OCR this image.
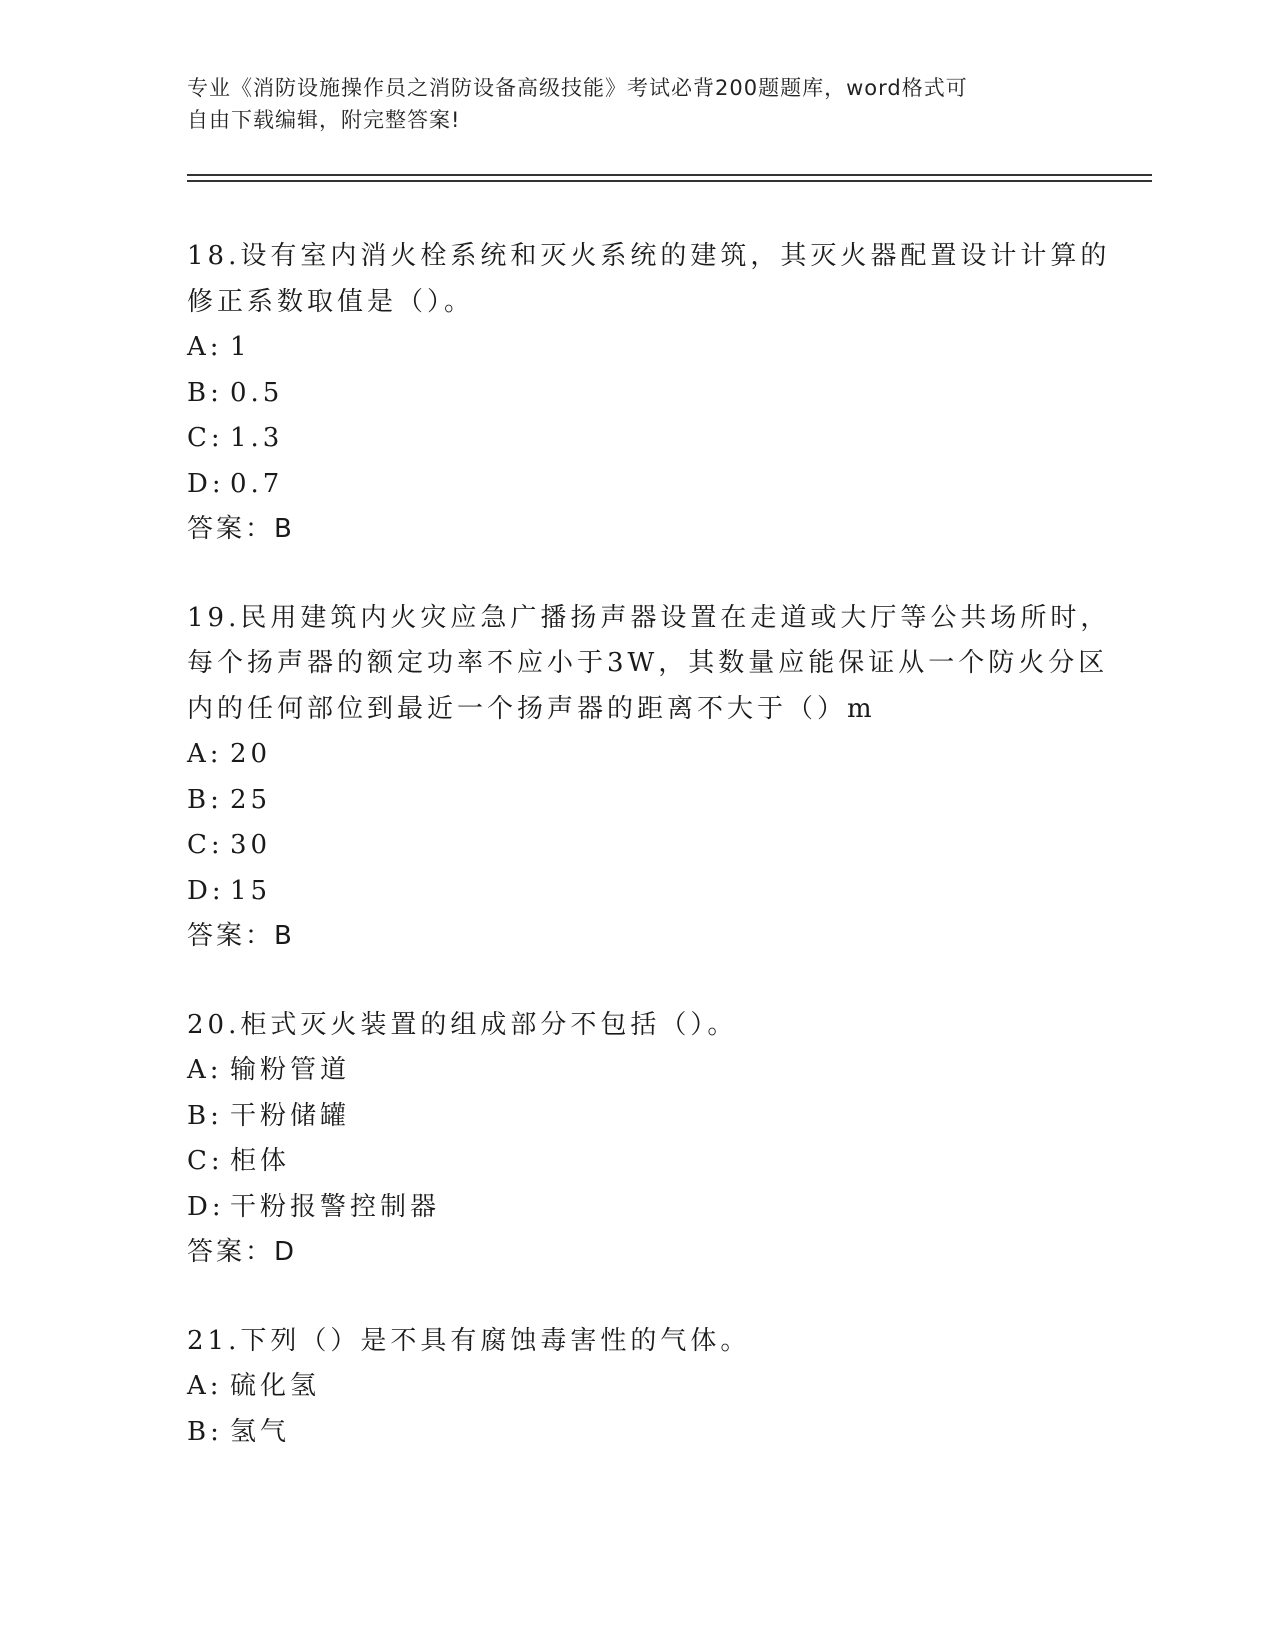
专业《消防设施操作员之消防设备高级技能》考试必背200题题库，word格式可
自由下载编辑，附完整答案!
18.设有室内消火栓系统和灭火系统的建筑，其灭火器配置设计计算的
修正系数取值是（）。
A: 1
B: 0.5
C: 1.3
D: 0.7
答案：B
19.民用建筑内火灾应急广播扬声器设置在走道或大厅等公共场所时，
每个扬声器的额定功率不应小于3W，其数量应能保证从一个防火分区
内的任何部位到最近一个扬声器的距离不大于（）m
A: 20
B: 25
C: 30
D: 15
答案：B
20.柜式灭火装置的组成部分不包括（）。
A: 输粉管道
B: 干粉储罐
C: 柜体
D: 干粉报警控制器
答案：D
21.下列（）是不具有腐蚀毒害性的气体。
A: 硫化氢
B: 氢气
